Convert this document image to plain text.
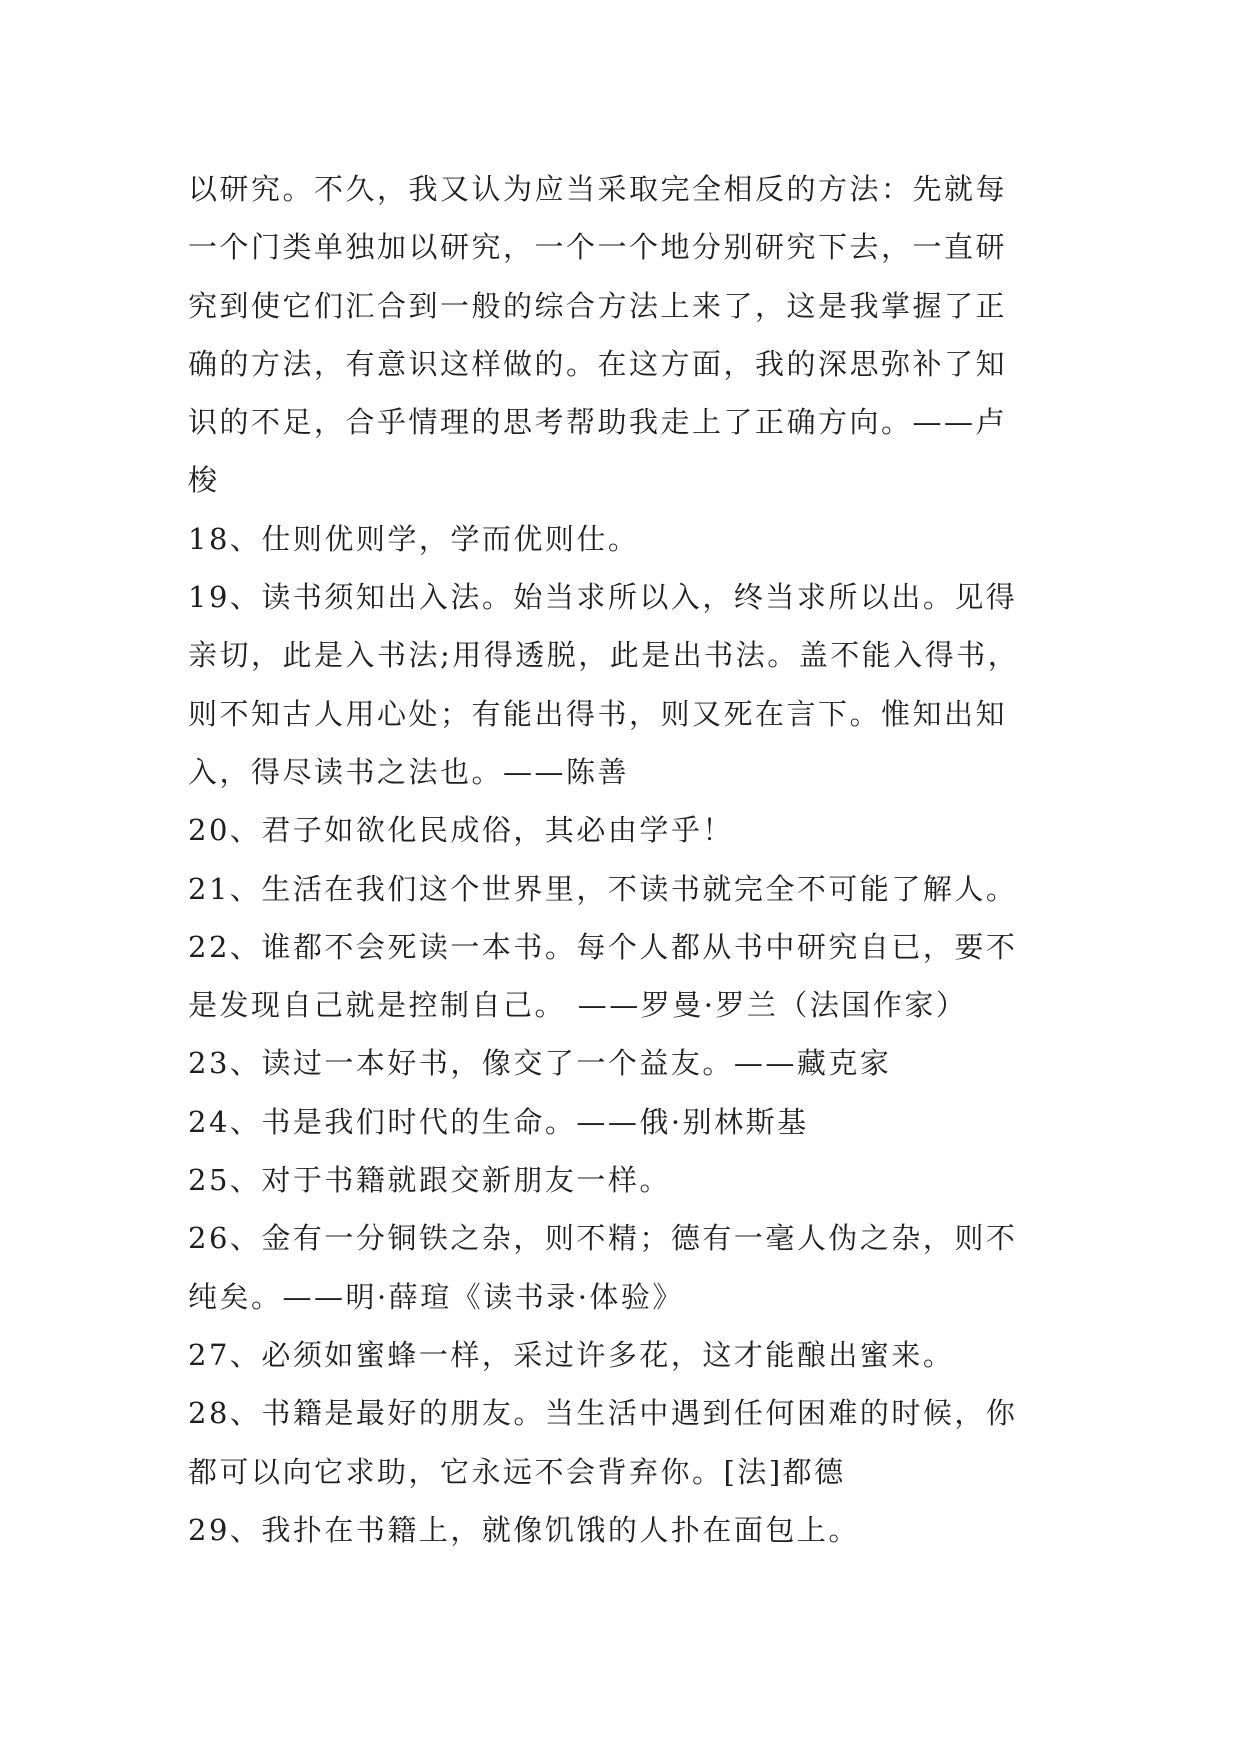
以研究。不久，我又认为应当采取完全相反的方法：先就每
一个门类单独加以研究，一个一个地分别研究下去，一直研
究到使它们汇合到一般的综合方法上来了，这是我掌握了正
确的方法，有意识这样做的。在这方面，我的深思弥补了知
识的不足，合乎情理的思考帮助我走上了正确方向。——卢
梭
18、仕则优则学，学而优则仕。
19、读书须知出入法。始当求所以入，终当求所以出。见得
亲切，此是入书法;用得透脱，此是出书法。盖不能入得书，
则不知古人用心处；有能出得书，则又死在言下。惟知出知
入，得尽读书之法也。——陈善
20、君子如欲化民成俗，其必由学乎！
21、生活在我们这个世界里，不读书就完全不可能了解人。
22、谁都不会死读一本书。每个人都从书中研究自已，要不
是发现自己就是控制自己。 ——罗曼·罗兰（法国作家）
23、读过一本好书，像交了一个益友。——藏克家
24、书是我们时代的生命。——俄·别林斯基
25、对于书籍就跟交新朋友一样。
26、金有一分铜铁之杂，则不精；德有一毫人伪之杂，则不
纯矣。——明·薛瑄《读书录·体验》
27、必须如蜜蜂一样，采过许多花，这才能酿出蜜来。
28、书籍是最好的朋友。当生活中遇到任何困难的时候，你
都可以向它求助，它永远不会背弃你。[法]都德
29、我扑在书籍上，就像饥饿的人扑在面包上。
